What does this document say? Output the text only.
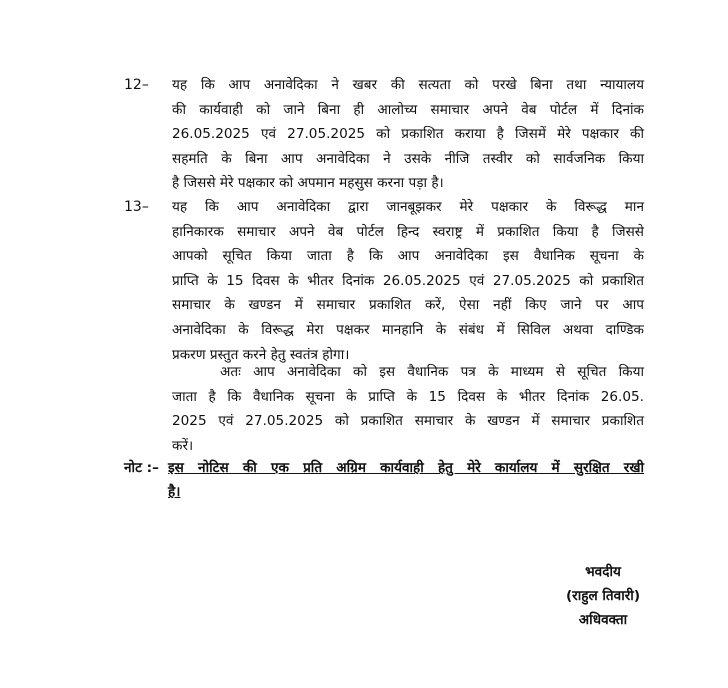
12– यह कि आप अनावेदिका ने खबर की सत्यता को परखे बिना तथा न्यायालय
की कार्यवाही को जाने बिना ही आलोच्य समाचार अपने वेब पोर्टल में दिनांक
26.05.2025 एवं 27.05.2025 को प्रकाशित कराया है जिसमें मेरे पक्षकार की
सहमति के बिना आप अनावेदिका ने उसके नीजि तस्वीर को सार्वजनिक किया
है जिससे मेरे पक्षकार को अपमान महसुस करना पड़ा है।
13– यह कि आप अनावेदिका द्वारा जानबूझकर मेरे पक्षकार के विरूद्ध मान
हानिकारक समाचार अपने वेब पोर्टल हिन्द स्वराष्ट्र में प्रकाशित किया है जिससे
आपको सूचित किया जाता है कि आप अनावेदिका इस वैधानिक सूचना के
प्राप्ति के 15 दिवस के भीतर दिनांक 26.05.2025 एवं 27.05.2025 को प्रकाशित
समाचार के खण्डन में समाचार प्रकाशित करें, ऐसा नहीं किए जाने पर आप
अनावेदिका के विरूद्ध मेरा पक्षकर मानहानि के संबंध में सिविल अथवा दाण्डिक
प्रकरण प्रस्तुत करने हेतु स्वतंत्र होगा।
अतः आप अनावेदिका को इस वैधानिक पत्र के माध्यम से सूचित किया
जाता है कि वैधानिक सूचना के प्राप्ति के 15 दिवस के भीतर दिनांक 26.05.
2025 एवं 27.05.2025 को प्रकाशित समाचार के खण्डन में समाचार प्रकाशित
करें।
नोट :– इस नोटिस की एक प्रति अग्रिम कार्यवाही हेतु मेरे कार्यालय में सुरक्षित रखी
है।
भवदीय
(राहुल तिवारी)
अधिवक्ता
